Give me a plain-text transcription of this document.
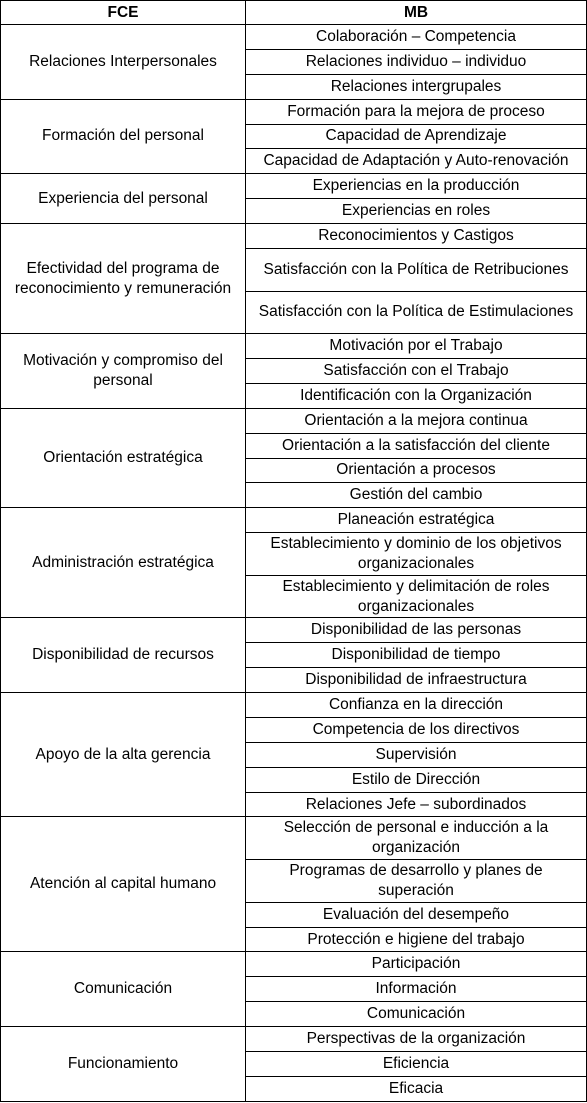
FCE	MB
Relaciones Interpersonales	Colaboración – Competencia
	Relaciones individuo – individuo
	Relaciones intergrupales
Formación del personal	Formación para la mejora de proceso
	Capacidad de Aprendizaje
	Capacidad de Adaptación y Auto-renovación
Experiencia del personal	Experiencias en la producción
	Experiencias en roles
Efectividad del programa de reconocimiento y remuneración	Reconocimientos y Castigos
	Satisfacción con la Política de Retribuciones
	Satisfacción con la Política de Estimulaciones
Motivación y compromiso del personal	Motivación por el Trabajo
	Satisfacción con el Trabajo
	Identificación con la Organización
Orientación estratégica	Orientación a la mejora continua
	Orientación a la satisfacción del cliente
	Orientación a procesos
	Gestión del cambio
Administración estratégica	Planeación estratégica
	Establecimiento y dominio de los objetivos organizacionales
	Establecimiento y delimitación de roles organizacionales
Disponibilidad de recursos	Disponibilidad de las personas
	Disponibilidad de tiempo
	Disponibilidad de infraestructura
Apoyo de la alta gerencia	Confianza en la dirección
	Competencia de los directivos
	Supervisión
	Estilo de Dirección
	Relaciones Jefe – subordinados
Atención al capital humano	Selección de personal e inducción a la organización
	Programas de desarrollo y planes de superación
	Evaluación del desempeño
	Protección e higiene del trabajo
Comunicación	Participación
	Información
	Comunicación
Funcionamiento	Perspectivas de la organización
	Eficiencia
	Eficacia
